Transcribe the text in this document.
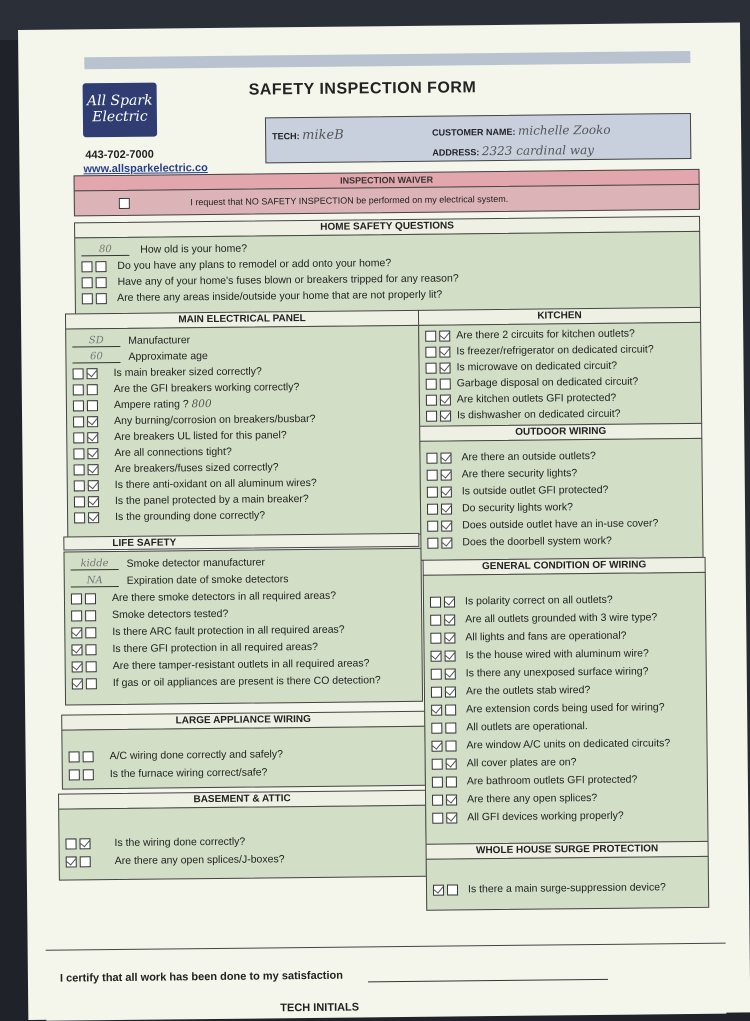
All Spark
Electric
SAFETY INSPECTION FORM
443-702-7000
www.allsparkelectric.co
TECH: mikeB	CUSTOMER NAME: michelle Zooko
ADDRESS: 2323 cardinal way
INSPECTION WAIVER
I request that NO SAFETY INSPECTION be performed on my electrical system.
HOME SAFETY QUESTIONS
80	How old is your home?
Do you have any plans to remodel or add onto your home?
Have any of your home's fuses blown or breakers tripped for any reason?
Are there any areas inside/outside your home that are not properly lit?
MAIN ELECTRICAL PANEL
SD Manufacturer
60 Approximate age
Is main breaker sized correctly?
Are the GFI breakers working correctly?
Ampere rating ? 800
Any burning/corrosion on breakers/busbar?
Are breakers UL listed for this panel?
Are all connections tight?
Are breakers/fuses sized correctly?
Is there anti-oxidant on all aluminum wires?
Is the panel protected by a main breaker?
Is the grounding done correctly?
LIFE SAFETY
kidde Smoke detector manufacturer
NA Expiration date of smoke detectors
Are there smoke detectors in all required areas?
Smoke detectors tested?
Is there ARC fault protection in all required areas?
Is there GFI protection in all required areas?
Are there tamper-resistant outlets in all required areas?
If gas or oil appliances are present is there CO detection?
LARGE APPLIANCE WIRING
A/C wiring done correctly and safely?
Is the furnace wiring correct/safe?
BASEMENT & ATTIC
Is the wiring done correctly?
Are there any open splices/J-boxes?
KITCHEN
Are there 2 circuits for kitchen outlets?
Is freezer/refrigerator on dedicated circuit?
Is microwave on dedicated circuit?
Garbage disposal on dedicated circuit?
Are kitchen outlets GFI protected?
Is dishwasher on dedicated circuit?
OUTDOOR WIRING
Are there an outside outlets?
Are there security lights?
Is outside outlet GFI protected?
Do security lights work?
Does outside outlet have an in-use cover?
Does the doorbell system work?
GENERAL CONDITION OF WIRING
Is polarity correct on all outlets?
Are all outlets grounded with 3 wire type?
All lights and fans are operational?
Is the house wired with aluminum wire?
Is there any unexposed surface wiring?
Are the outlets stab wired?
Are extension cords being used for wiring?
All outlets are operational.
Are window A/C units on dedicated circuits?
All cover plates are on?
Are bathroom outlets GFI protected?
Are there any open splices?
All GFI devices working properly?
WHOLE HOUSE SURGE PROTECTION
Is there a main surge-suppression device?
I certify that all work has been done to my satisfaction
TECH INITIALS
